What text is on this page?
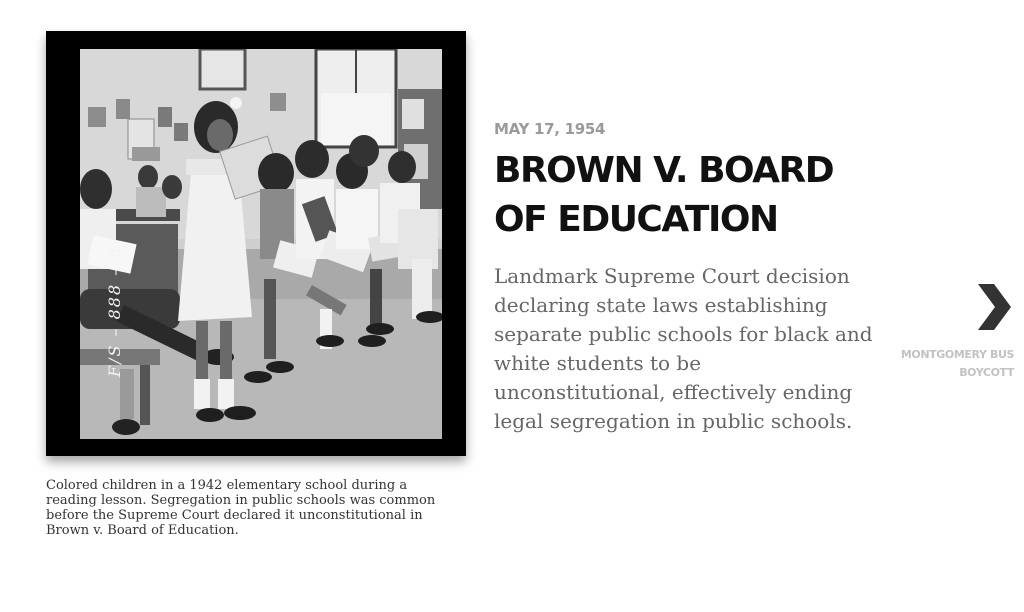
F/S – 888 – E

Colored children in a 1942 elementary school during a reading lesson. Segregation in public schools was common before the Supreme Court declared it unconstitutional in Brown v. Board of Education.

MAY 17, 1954

BROWN V. BOARD OF EDUCATION

Landmark Supreme Court decision declaring state laws establishing separate public schools for black and white students to be unconstitutional, effectively ending legal segregation in public schools.

MONTGOMERY BUS BOYCOTT
